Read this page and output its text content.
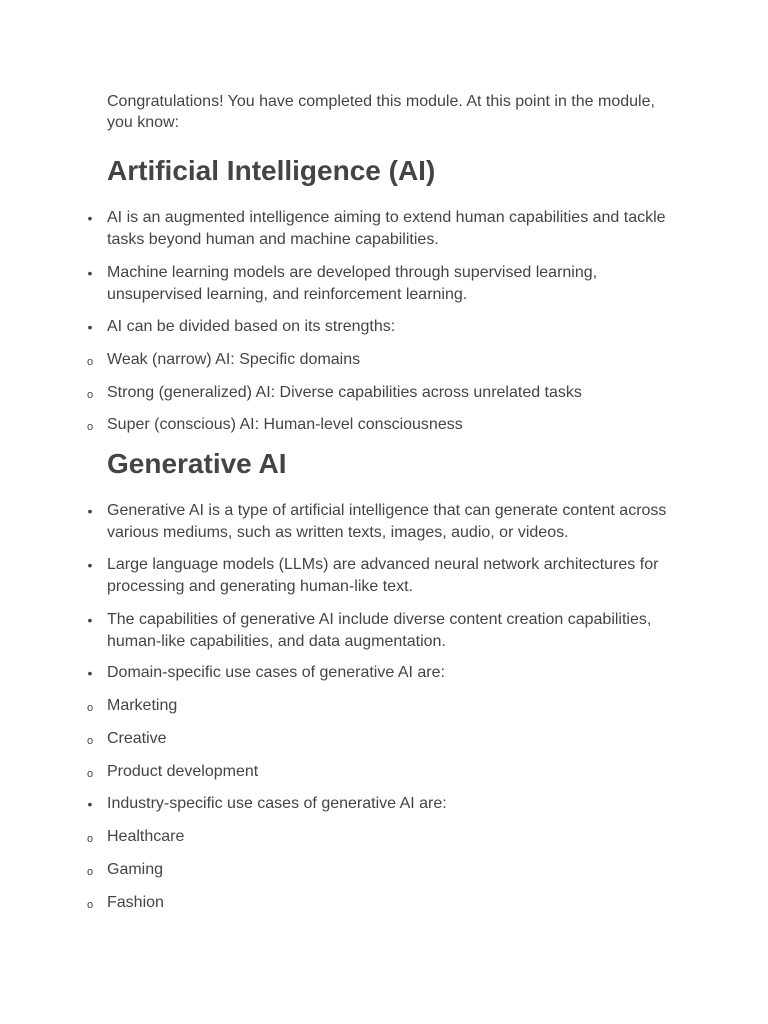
Congratulations! You have completed this module. At this point in the module, you know:

Artificial Intelligence (AI)
• AI is an augmented intelligence aiming to extend human capabilities and tackle tasks beyond human and machine capabilities.
• Machine learning models are developed through supervised learning, unsupervised learning, and reinforcement learning.
• AI can be divided based on its strengths:
o Weak (narrow) AI: Specific domains
o Strong (generalized) AI: Diverse capabilities across unrelated tasks
o Super (conscious) AI: Human-level consciousness
Generative AI
• Generative AI is a type of artificial intelligence that can generate content across various mediums, such as written texts, images, audio, or videos.
• Large language models (LLMs) are advanced neural network architectures for processing and generating human-like text.
• The capabilities of generative AI include diverse content creation capabilities, human-like capabilities, and data augmentation.
• Domain-specific use cases of generative AI are:
o Marketing
o Creative
o Product development
• Industry-specific use cases of generative AI are:
o Healthcare
o Gaming
o Fashion
